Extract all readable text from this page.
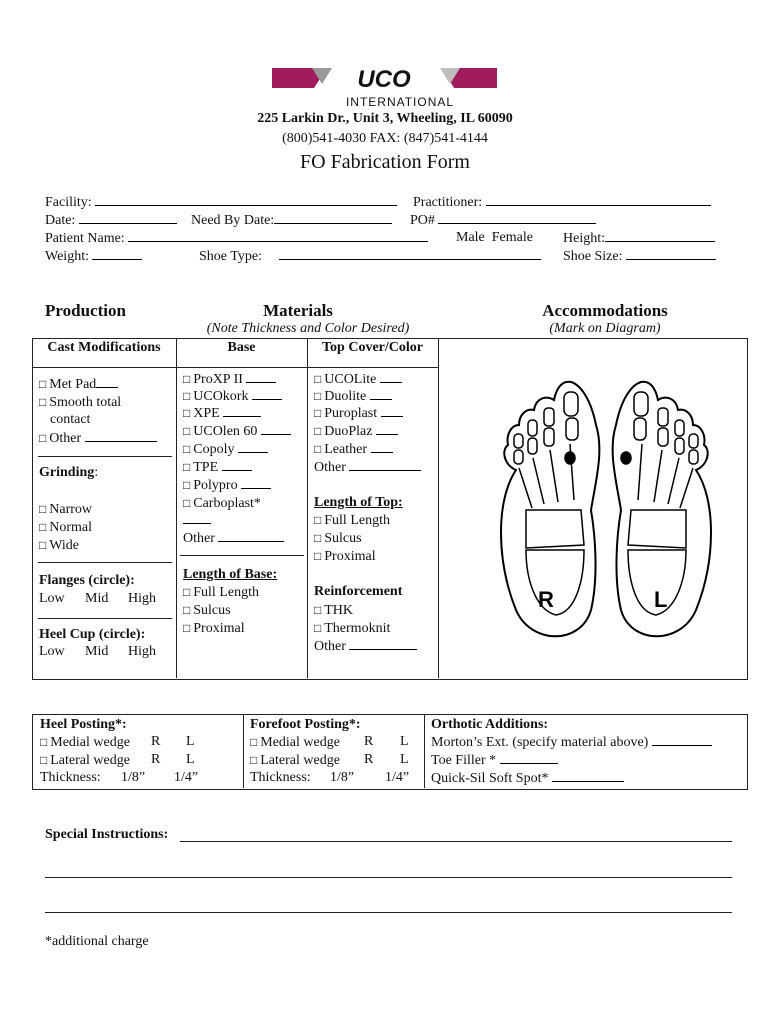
UCO
INTERNATIONAL
225 Larkin Dr., Unit 3, Wheeling, IL 60090
(800)541-4030 FAX: (847)541-4144
FO Fabrication Form
Facility:	Practitioner:
Date:	Need By Date:	PO#
Patient Name:	Male Female Height:
Weight:	Shoe Type:	Shoe Size:
Production	Materials
(Note Thickness and Color Desired)
Accommodations
(Mark on Diagram)
Cast Modifications	Base	Top Cover/Color
□ Met Pad
□ Smooth total
contact
□ Other
Grinding:
□ Narrow
□ Normal
□ Wide
Flanges (circle):
Low Mid High
Heel Cup (circle):
Low Mid High
□ ProXP II
□ UCOkork
□ XPE
□ UCOlen 60
□ Copoly
□ TPE
□ Polypro
□ Carboplast*
Other
Length of Base:
□ Full Length
□ Sulcus
□ Proximal
□ UCOLite
□ Duolite
□ Puroplast
□ DuoPlaz
□ Leather
Other
Length of Top:
□ Full Length
□ Sulcus
□ Proximal
Reinforcement
□ THK
□ Thermoknit
Other
R	L
Heel Posting*:
□ Medial wedge R L
□ Lateral wedge R L
Thickness: 1/8” 1/4”
Forefoot Posting*:
□ Medial wedge R L
□ Lateral wedge R L
Thickness: 1/8” 1/4”
Orthotic Additions:
Morton’s Ext. (specify material above)
Toe Filler *
Quick-Sil Soft Spot*
Special Instructions:
*additional charge
